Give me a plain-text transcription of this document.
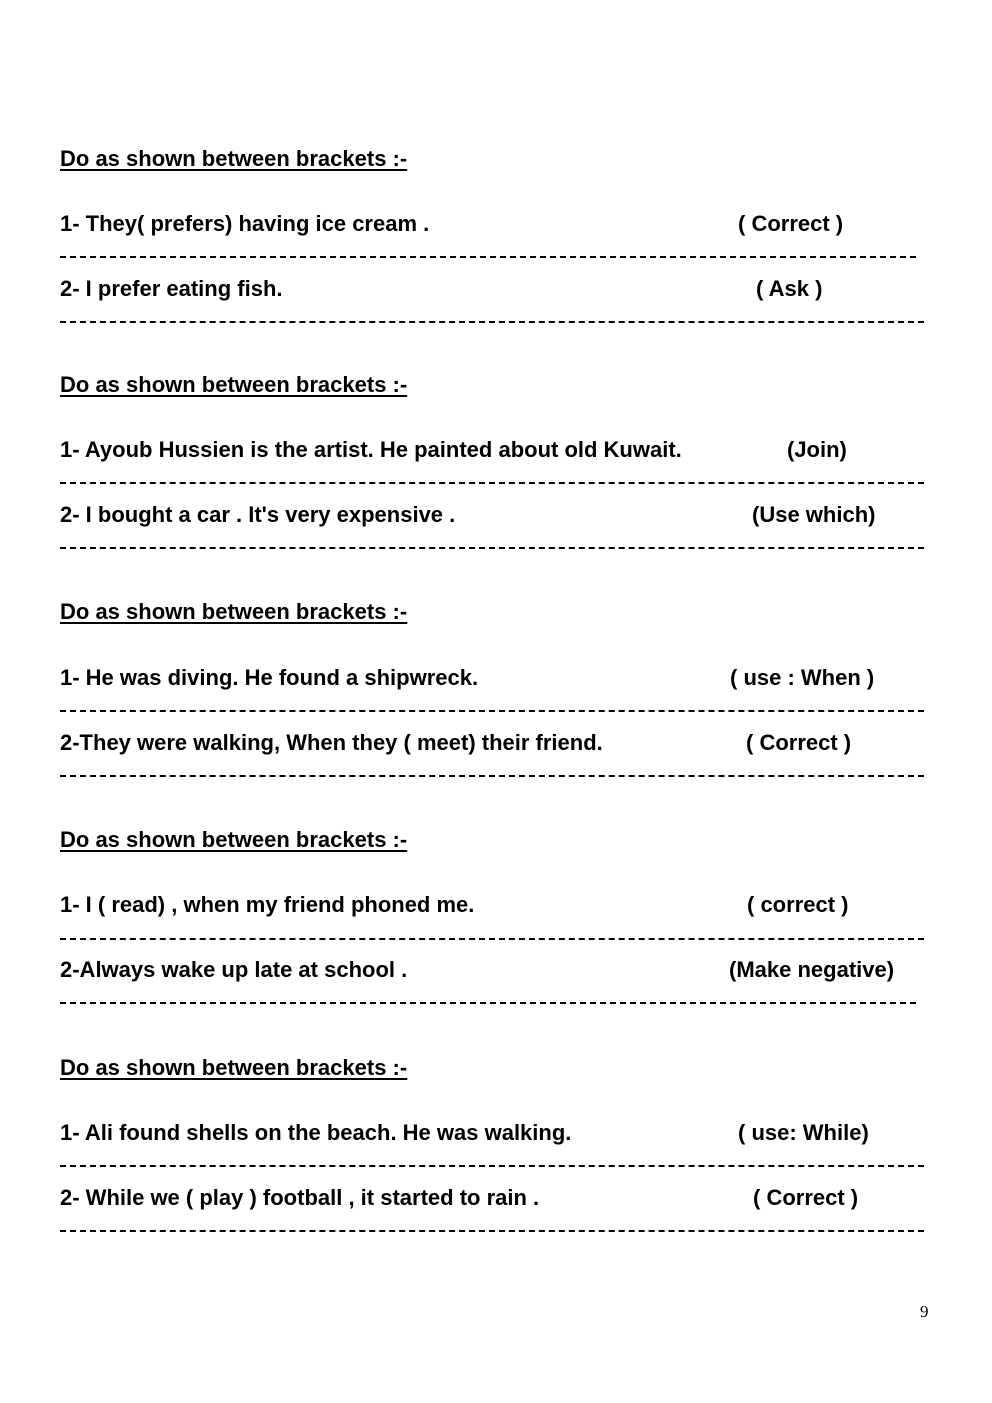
Do as shown between brackets :-
1- They( prefers) having ice cream .	( Correct )
2- I prefer eating fish.	( Ask )
Do as shown between brackets :-
1- Ayoub Hussien is the artist. He painted about old Kuwait.	(Join)
2- I bought a car . It's very expensive .	(Use which)
Do as shown between brackets :-
1- He was diving. He found a shipwreck.	( use : When )
2-They were walking, When they ( meet) their friend.	( Correct )
Do as shown between brackets :-
1- I ( read) , when my friend phoned me.	( correct )
2-Always wake up late at school .	(Make negative)
Do as shown between brackets :-
1- Ali found shells on the beach. He was walking.	( use: While)
2- While we ( play ) football , it started to rain .	( Correct )
9
